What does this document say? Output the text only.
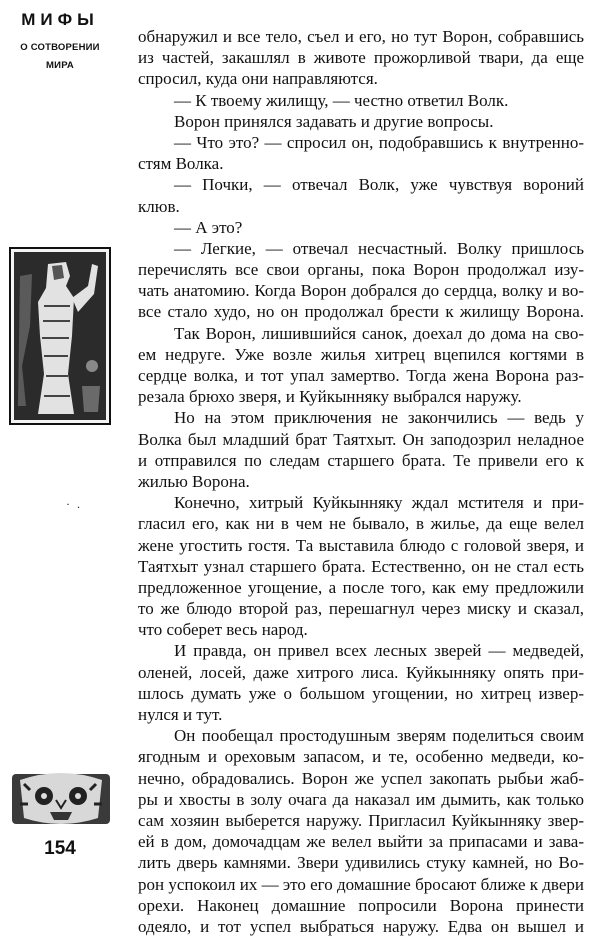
МИФЫ
О СОТВОРЕНИИ
МИРА
· .
154
обнаружил и все тело, съел и его, но тут Ворон, собравшись
из частей, закашлял в животе прожорливой твари, да еще
спросил, куда они направляются.
— К твоему жилищу, — честно ответил Волк.
Ворон принялся задавать и другие вопросы.
— Что это? — спросил он, подобравшись к внутренно-
стям Волка.
— Почки, — отвечал Волк, уже чувствуя вороний
клюв.
— А это?
— Легкие, — отвечал несчастный. Волку пришлось
перечислять все свои органы, пока Ворон продолжал изу-
чать анатомию. Когда Ворон добрался до сердца, волку и во-
все стало худо, но он продолжал брести к жилищу Ворона.
Так Ворон, лишившийся санок, доехал до дома на сво-
ем недруге. Уже возле жилья хитрец вцепился когтями в
сердце волка, и тот упал замертво. Тогда жена Ворона раз-
резала брюхо зверя, и Куйкынняку выбрался наружу.
Но на этом приключения не закончились — ведь у
Волка был младший брат Таятхыт. Он заподозрил неладное
и отправился по следам старшего брата. Те привели его к
жилью Ворона.
Конечно, хитрый Куйкынняку ждал мстителя и при-
гласил его, как ни в чем не бывало, в жилье, да еще велел
жене угостить гостя. Та выставила блюдо с головой зверя, и
Таятхыт узнал старшего брата. Естественно, он не стал есть
предложенное угощение, а после того, как ему предложили
то же блюдо второй раз, перешагнул через миску и сказал,
что соберет весь народ.
И правда, он привел всех лесных зверей — медведей,
оленей, лосей, даже хитрого лиса. Куйкынняку опять при-
шлось думать уже о большом угощении, но хитрец извер-
нулся и тут.
Он пообещал простодушным зверям поделиться своим
ягодным и ореховым запасом, и те, особенно медведи, ко-
нечно, обрадовались. Ворон же успел закопать рыбьи жаб-
ры и хвосты в золу очага да наказал им дымить, как только
сам хозяин выберется наружу. Пригласил Куйкынняку звер-
ей в дом, домочадцам же велел выйти за припасами и зава-
лить дверь камнями. Звери удивились стуку камней, но Во-
рон успокоил их — это его домашние бросают ближе к двери
орехи. Наконец домашние попросили Ворона принести
одеяло, и тот успел выбраться наружу. Едва он вышел и
